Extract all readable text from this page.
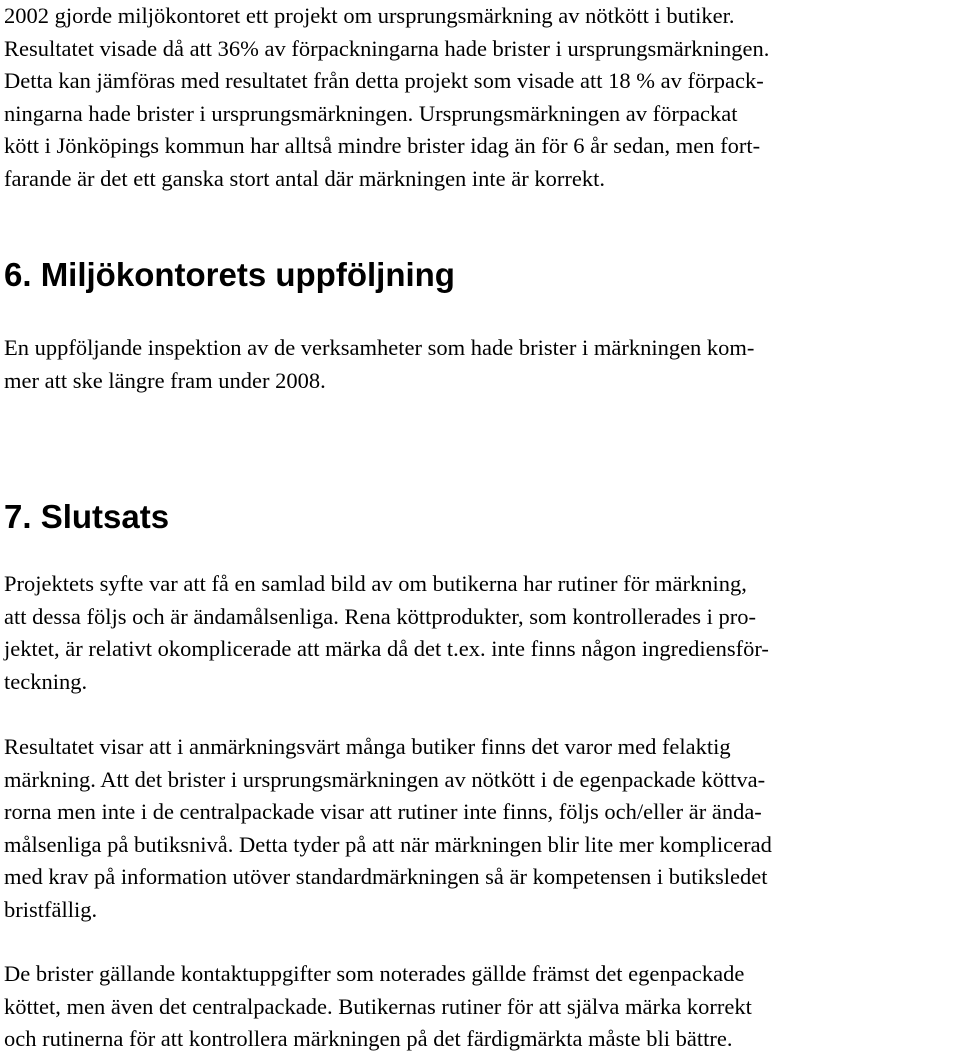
2002 gjorde miljökontoret ett projekt om ursprungsmärkning av nötkött i butiker.
Resultatet visade då att 36% av förpackningarna hade brister i ursprungsmärkningen.
Detta kan jämföras med resultatet från detta projekt som visade att 18 % av förpack-
ningarna hade brister i ursprungsmärkningen. Ursprungsmärkningen av förpackat
kött i Jönköpings kommun har alltså mindre brister idag än för 6 år sedan, men fort-
farande är det ett ganska stort antal där märkningen inte är korrekt.
6. Miljökontorets uppföljning
En uppföljande inspektion av de verksamheter som hade brister i märkningen kom-
mer att ske längre fram under 2008.
7. Slutsats
Projektets syfte var att få en samlad bild av om butikerna har rutiner för märkning,
att dessa följs och är ändamålsenliga. Rena köttprodukter, som kontrollerades i pro-
jektet, är relativt okomplicerade att märka då det t.ex. inte finns någon ingrediensför-
teckning.
Resultatet visar att i anmärkningsvärt många butiker finns det varor med felaktig
märkning. Att det brister i ursprungsmärkningen av nötkött i de egenpackade köttva-
rorna men inte i de centralpackade visar att rutiner inte finns, följs och/eller är ända-
målsenliga på butiksnivå. Detta tyder på att när märkningen blir lite mer komplicerad
med krav på information utöver standardmärkningen så är kompetensen i butiksledet
bristfällig.
De brister gällande kontaktuppgifter som noterades gällde främst det egenpackade
köttet, men även det centralpackade. Butikernas rutiner för att själva märka korrekt
och rutinerna för att kontrollera märkningen på det färdigmärkta måste bli bättre.
